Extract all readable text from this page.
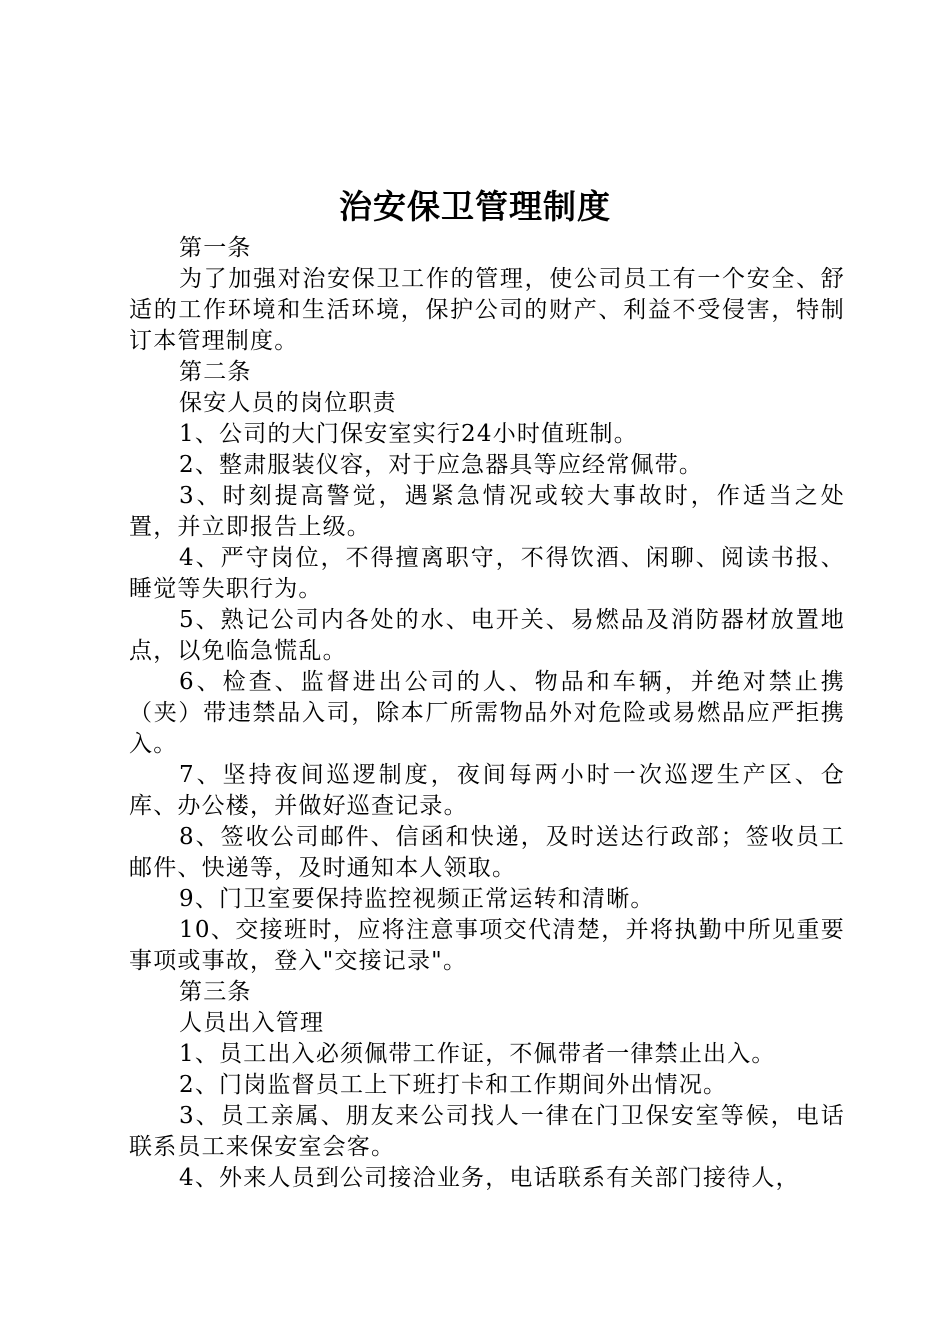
治安保卫管理制度

第一条

为了加强对治安保卫工作的管理，使公司员工有一个安全、舒适的工作环境和生活环境，保护公司的财产、利益不受侵害，特制订本管理制度。

第二条

保安人员的岗位职责

1、公司的大门保安室实行24小时值班制。

2、整肃服装仪容，对于应急器具等应经常佩带。

3、时刻提高警觉，遇紧急情况或较大事故时，作适当之处置，并立即报告上级。

4、严守岗位，不得擅离职守，不得饮酒、闲聊、阅读书报、睡觉等失职行为。

5、熟记公司内各处的水、电开关、易燃品及消防器材放置地点，以免临急慌乱。

6、检查、监督进出公司的人、物品和车辆，并绝对禁止携（夹）带违禁品入司，除本厂所需物品外对危险或易燃品应严拒携入。

7、坚持夜间巡逻制度，夜间每两小时一次巡逻生产区、仓库、办公楼，并做好巡查记录。

8、签收公司邮件、信函和快递，及时送达行政部；签收员工邮件、快递等，及时通知本人领取。

9、门卫室要保持监控视频正常运转和清晰。

10、交接班时，应将注意事项交代清楚，并将执勤中所见重要事项或事故，登入"交接记录"。

第三条

人员出入管理

1、员工出入必须佩带工作证，不佩带者一律禁止出入。

2、门岗监督员工上下班打卡和工作期间外出情况。

3、员工亲属、朋友来公司找人一律在门卫保安室等候，电话联系员工来保安室会客。

4、外来人员到公司接洽业务，电话联系有关部门接待人，
